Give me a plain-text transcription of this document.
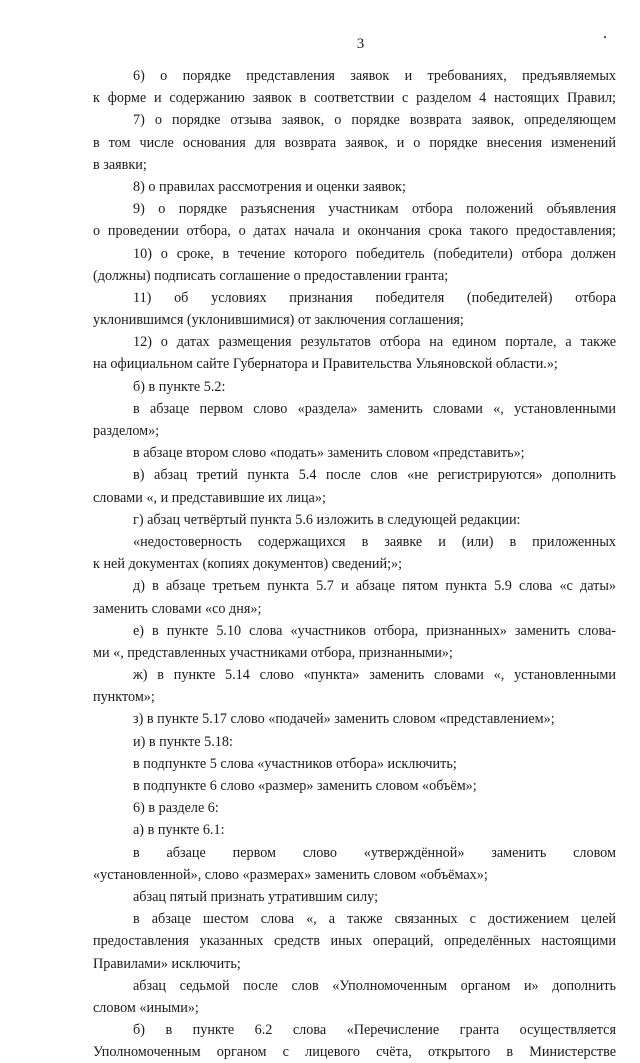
3

6) о порядке представления заявок и требованиях, предъявляемых

к форме и содержанию заявок в соответствии с разделом 4 настоящих Правил;

7) о порядке отзыва заявок, о порядке возврата заявок, определяющем

в том числе основания для возврата заявок, и о порядке внесения изменений

в заявки;

8) о правилах рассмотрения и оценки заявок;

9) о порядке разъяснения участникам отбора положений объявления

о проведении отбора, о датах начала и окончания срока такого предоставления;

10) о сроке, в течение которого победитель (победители) отбора должен

(должны) подписать соглашение о предоставлении гранта;

11) об условиях признания победителя (победителей) отбора

уклонившимся (уклонившимися) от заключения соглашения;

12) о датах размещения результатов отбора на едином портале, а также

на официальном сайте Губернатора и Правительства Ульяновской области.»;

б) в пункте 5.2:

в абзаце первом слово «раздела» заменить словами «, установленными

разделом»;

в абзаце втором слово «подать» заменить словом «представить»;

в) абзац третий пункта 5.4 после слов «не регистрируются» дополнить

словами «, и представившие их лица»;

г) абзац четвёртый пункта 5.6 изложить в следующей редакции:

«недостоверность содержащихся в заявке и (или) в приложенных

к ней документах (копиях документов) сведений;»;

д) в абзаце третьем пункта 5.7 и абзаце пятом пункта 5.9 слова «с даты»

заменить словами «со дня»;

е) в пункте 5.10 слова «участников отбора, признанных» заменить слова-

ми «, представленных участниками отбора, признанными»;

ж) в пункте 5.14 слово «пункта» заменить словами «, установленными

пунктом»;

з) в пункте 5.17 слово «подачей» заменить словом «представлением»;

и) в пункте 5.18:

в подпункте 5 слова «участников отбора» исключить;

в подпункте 6 слово «размер» заменить словом «объём»;

6) в разделе 6:

а) в пункте 6.1:

в абзаце первом слово «утверждённой» заменить словом

«установленной», слово «размерах» заменить словом «объёмах»;

абзац пятый признать утратившим силу;

в абзаце шестом слова «, а также связанных с достижением целей

предоставления указанных средств иных операций, определённых настоящими

Правилами» исключить;

абзац седьмой после слов «Уполномоченным органом и» дополнить

словом «иными»;

б) в пункте 6.2 слова «Перечисление гранта осуществляется

Уполномоченным органом с лицевого счёта, открытого в Министерстве
